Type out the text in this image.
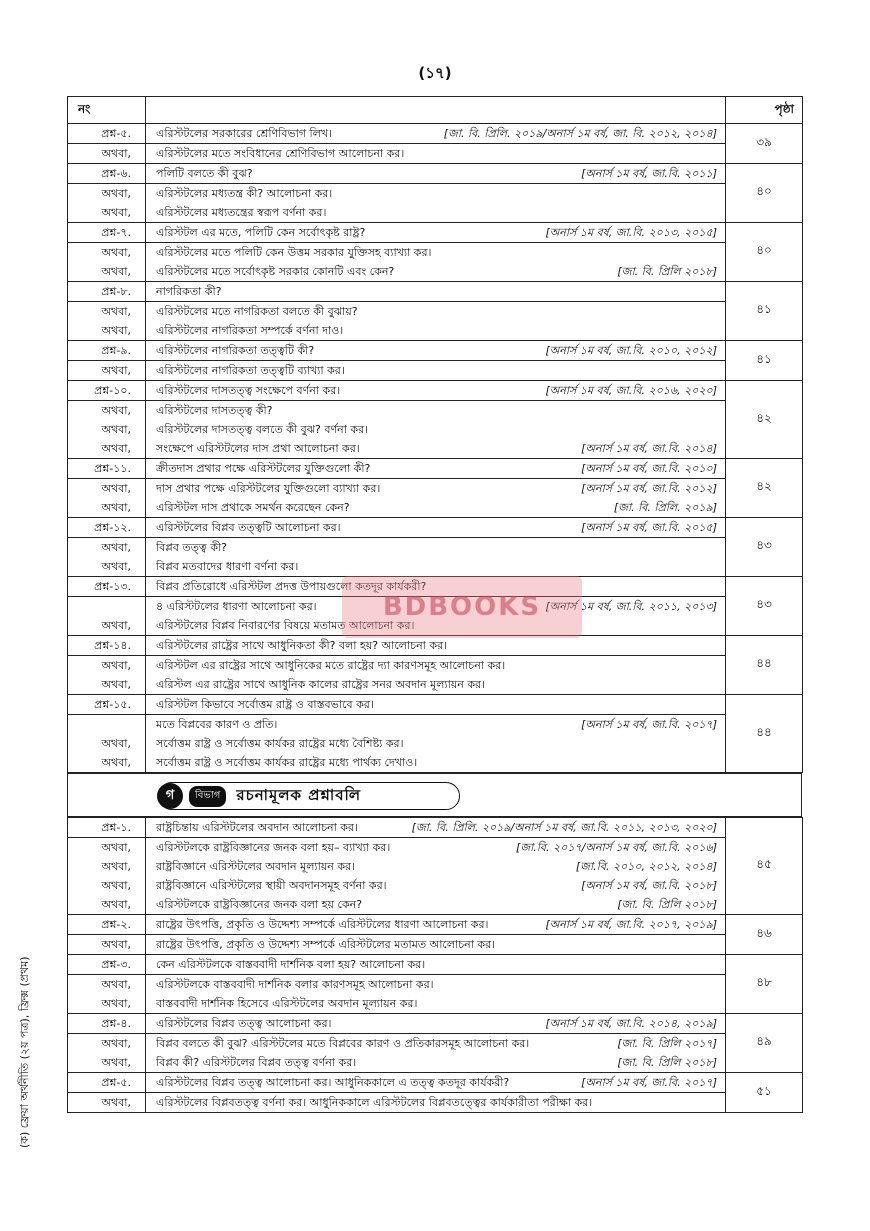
(১৭)
(ক) ফ্রেয়া অর্থনীতি (২য় পত্র), ফ্রিক্স (প্রথম)
নং		পৃষ্ঠা
প্রশ্ন-৫.	এরিস্টটলের সরকারের শ্রেণিবিভাগ লিখ। [জা. বি. প্রিলি. ২০১৯/অনার্স ১ম বর্ষ, জা. বি. ২০১২, ২০১৪]	৩৯
অথবা,	এরিস্টটলের মতে সংবিধানের শ্রেণিবিভাগ আলোচনা কর।	

প্রশ্ন-৬.	পলিটি বলতে কী বুঝ? [অনার্স ১ম বর্ষ, জা.বি. ২০১১]	৪০
অথবা,	এরিস্টটলের মধ্যতন্ত্র কী? আলোচনা কর।	

অথবা,	এরিস্টটলের মধ্যতন্ত্রের স্বরূপ বর্ণনা কর।	

প্রশ্ন-৭.	এরিস্টটল এর মতে, পলিটি কেন সর্বোৎকৃষ্ট রাষ্ট্র? [অনার্স ১ম বর্ষ, জা.বি. ২০১৩, ২০১৫]	৪০
অথবা,	এরিস্টটলের মতে পলিটি কেন উত্তম সরকার যুক্তিসহ ব্যাখ্যা কর।	

অথবা,	এরিস্টটলের মতে সর্বোৎকৃষ্ট সরকার কোনটি এবং কেন? [জা. বি. প্রিলি ২০১৮]	

প্রশ্ন-৮.	নাগরিকতা কী?	৪১
অথবা,	এরিস্টটলের মতে নাগরিকতা বলতে কী বুঝায়?	

অথবা,	এরিস্টটলের নাগরিকতা সম্পর্কে বর্ণনা দাও।	

প্রশ্ন-৯.	এরিস্টটলের নাগরিকতা তত্ত্বটি কী? [অনার্স ১ম বর্ষ, জা.বি. ২০১০, ২০১২]	৪১
অথবা,	এরিস্টটলের নাগরিকতা তত্ত্বটি ব্যাখ্যা কর।	

প্রশ্ন-১০.	এরিস্টটলের দাসতত্ত্ব সংক্ষেপে বর্ণনা কর। [অনার্স ১ম বর্ষ, জা.বি. ২০১৬, ২০২০]	৪২
অথবা,	এরিস্টটলের দাসতত্ত্ব কী?	

অথবা,	এরিস্টটলের দাসতত্ত্ব বলতে কী বুঝ? বর্ণনা কর।	

অথবা,	সংক্ষেপে এরিস্টটলের দাস প্রথা আলোচনা কর। [অনার্স ১ম বর্ষ, জা.বি. ২০১৪]	

প্রশ্ন-১১.	ক্রীতদাস প্রথার পক্ষে এরিস্টটলের যুক্তিগুলো কী? [অনার্স ১ম বর্ষ, জা.বি. ২০১০]	৪২
অথবা,	দাস প্রথার পক্ষে এরিস্টটলের যুক্তিগুলো ব্যাখ্যা কর। [অনার্স ১ম বর্ষ, জা.বি. ২০১২]	

অথবা,	এরিস্টটল দাস প্রথাকে সমর্থন করেছেন কেন? [জা. বি. প্রিলি. ২০১৯]	

প্রশ্ন-১২.	এরিস্টটলের বিপ্লব তত্ত্বটি আলোচনা কর। [অনার্স ১ম বর্ষ, জা.বি. ২০১৫]	৪৩
অথবা,	বিপ্লব তত্ত্ব কী?	

অথবা,	বিপ্লব মতবাদের ধারণা বর্ণনা কর।	

প্রশ্ন-১৩.	বিপ্লব প্রতিরোধে এরিস্টটল প্রদত্ত উপায়গুলো কতদূর কার্যকরী?	৪৩

	৪ এরিস্টটলের ধারণা আলোচনা কর। [অনার্স ১ম বর্ষ, জা.বি. ২০১১, ২০১৩]	

অথবা,	এরিস্টটলের বিপ্লব নিবারণের বিষয়ে মতামত আলোচনা কর।	

প্রশ্ন-১৪.	এরিস্টটলের রাষ্ট্রের সাথে আধুনিকতা কী? বলা হয়? আলোচনা কর।	৪৪
অথবা,	এরিস্টটল এর রাষ্ট্রের সাথে আধুনিকের মতে রাষ্ট্রের দ্যা কারণসমূহ আলোচনা কর।	

অথবা,	এরিস্টল এর রাষ্ট্রের সাথে আধুনিক কালের রাষ্ট্রের সনর অবদান মূল্যায়ন কর।	

প্রশ্ন-১৫.	এরিস্টটল কিভাবে সর্বোত্তম রাষ্ট্র ও বাস্তবভাবে কর।	৪৪

	মতে বিপ্লবের কারণ ও প্রতি। [অনার্স ১ম বর্ষ, জা.বি. ২০১৭]	

অথবা,	সর্বোত্তম রাষ্ট্র ও সর্বোত্তম কার্যকর রাষ্ট্রের মধ্যে বৈশিষ্ট্য কর।	

অথবা,	সর্বোত্তম রাষ্ট্র ও সর্বোত্তম কার্যকর রাষ্ট্রের মধ্যে পার্থক্য দেখাও।	
গ	বিভাগ	রচনামূলক প্রশ্নাবলি
প্রশ্ন-১.	রাষ্ট্রচিন্তায় এরিস্টটলের অবদান আলোচনা কর। [জা. বি. প্রিলি. ২০১৯/অনার্স ১ম বর্ষ, জা.বি. ২০১১, ২০১৩, ২০২০]	৪৫
অথবা,	এরিস্টটলকে রাষ্ট্রবিজ্ঞানের জনক বলা হয়– ব্যাখ্যা কর। [জা.বি. ২০১৭/অনার্স ১ম বর্ষ, জা.বি. ২০১৬]	

অথবা,	রাষ্ট্রবিজ্ঞানে এরিস্টটলের অবদান মূল্যায়ন কর। [জা.বি. ২০১০, ২০১২, ২০১৪]	

অথবা,	রাষ্ট্রবিজ্ঞানে এরিস্টটলের স্থায়ী অবদানসমূহ বর্ণনা কর। [অনার্স ১ম বর্ষ, জা.বি. ২০১৮]	

অথবা,	এরিস্টটলকে রাষ্ট্রবিজ্ঞানের জনক বলা হয় কেন? [জা. বি. প্রিলি ২০১৮]	

প্রশ্ন-২.	রাষ্ট্রের উৎপত্তি, প্রকৃতি ও উদ্দেশ্য সম্পর্কে এরিস্টটলের ধারণা আলোচনা কর। [অনার্স ১ম বর্ষ, জা.বি. ২০১৭, ২০১৯]	৪৬
অথবা,	রাষ্ট্রের উৎপত্তি, প্রকৃতি ও উদ্দেশ্য সম্পর্কে এরিস্টটলের মতামত আলোচনা কর।	

প্রশ্ন-৩.	কেন এরিস্টটলকে বাস্তববাদী দার্শনিক বলা হয়? আলোচনা কর।	৪৮
অথবা,	এরিস্টটলকে বাস্তববাদী দার্শনিক বলার কারণসমূহ আলোচনা কর।	

অথবা,	বাস্তববাদী দার্শনিক হিসেবে এরিস্টটলের অবদান মূল্যায়ন কর।	

প্রশ্ন-৪.	এরিস্টটলের বিপ্লব তত্ত্ব আলোচনা কর। [অনার্স ১ম বর্ষ, জা.বি. ২০১৪, ২০১৯]	৪৯
অথবা,	বিপ্লব বলতে কী বুঝ? এরিস্টটলের মতে বিপ্লবের কারণ ও প্রতিকারসমূহ আলোচনা কর। [জা. বি. প্রিলি ২০১৭]	

অথবা,	বিপ্লব কী? এরিস্টটলের বিপ্লব তত্ত্ব বর্ণনা কর। [জা. বি. প্রিলি ২০১৮]	

প্রশ্ন-৫.	এরিস্টটলের বিপ্লব তত্ত্ব আলোচনা কর। আধুনিককালে এ তত্ত্ব কতদূর কার্যকরী? [অনার্স ১ম বর্ষ, জা.বি. ২০১৭]	৫১
অথবা,	এরিস্টটলের বিপ্লবতত্ত্ব বর্ণনা কর। আধুনিককালে এরিস্টটলের বিপ্লবতত্ত্বের কার্যকারীতা পরীক্ষা কর।	
BDBOOKS
